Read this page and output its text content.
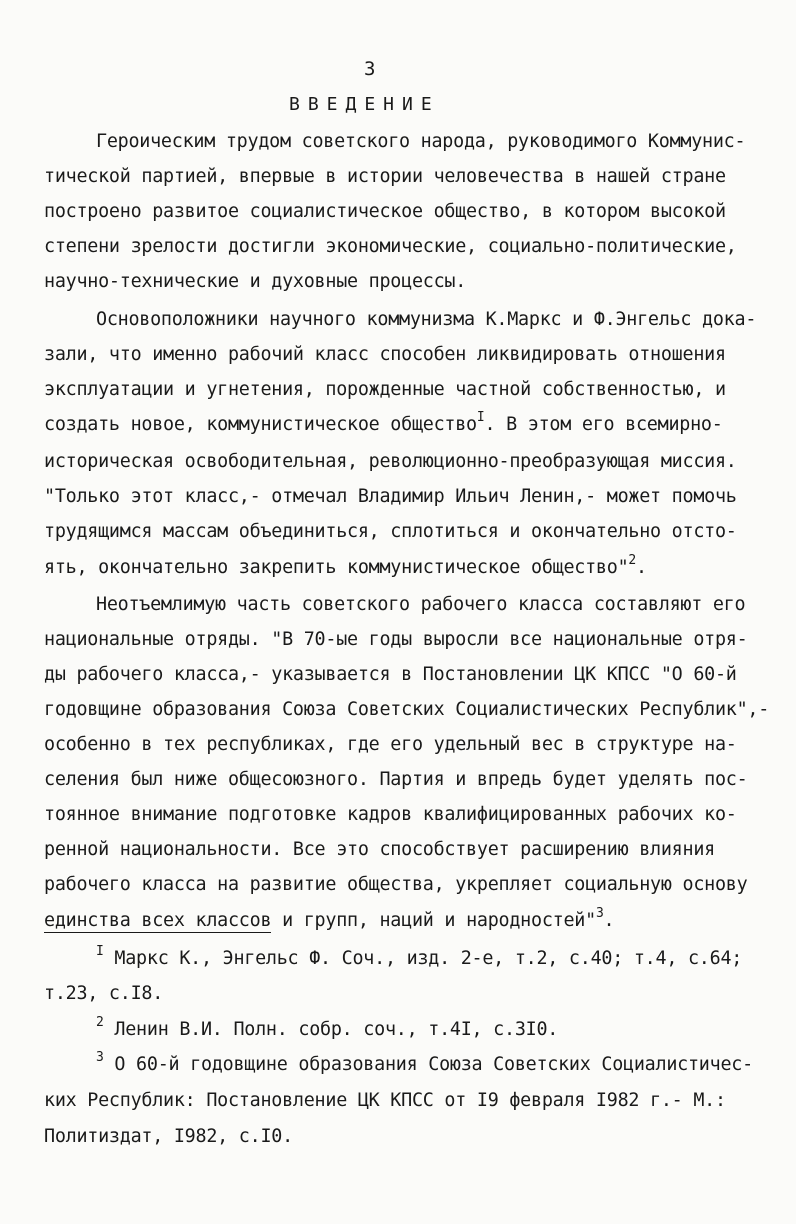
3
ВВЕДЕНИЕ
Героическим трудом советского народа, руководимого Коммунис-
тической партией, впервые в истории человечества в нашей стране
построено развитое социалистическое общество, в котором высокой
степени зрелости достигли экономические, социально-политические,
научно-технические и духовные процессы.
Основоположники научного коммунизма К.Маркс и Ф.Энгельс дока-
зали, что именно рабочий класс способен ликвидировать отношения
эксплуатации и угнетения, порожденные частной собственностью, и
создать новое, коммунистическое общество$^I$. В этом его всемирно-
историческая освободительная, революционно-преобразующая миссия.
"Только этот класс,- отмечал Владимир Ильич Ленин,- может помочь
трудящимся массам объединиться, сплотиться и окончательно отсто-
ять, окончательно закрепить коммунистическое общество"$^2$.
Неотъемлимую часть советского рабочего класса составляют его
национальные отряды. "В 70-ые годы выросли все национальные отря-
ды рабочего класса,- указывается в Постановлении ЦК КПСС "О 60-й
годовщине образования Союза Советских Социалистических Республик",-
особенно в тех республиках, где его удельный вес в структуре на-
селения был ниже общесоюзного. Партия и впредь будет уделять пос-
тоянное внимание подготовке кадров квалифицированных рабочих ко-
ренной национальности. Все это способствует расширению влияния
рабочего класса на развитие общества, укрепляет социальную основу
единства всех классов и групп, наций и народностей"$^3$.
$^I$ Маркс К., Энгельс Ф. Соч., изд. 2-е, т.2, с.40; т.4, с.64;
т.23, с.I8.
$^2$ Ленин В.И. Полн. собр. соч., т.4I, с.3I0.
$^3$ О 60-й годовщине образования Союза Советских Социалистичес-
ких Республик: Постановление ЦК КПСС от I9 февраля I982 г.- М.:
Политиздат, I982, с.I0.
